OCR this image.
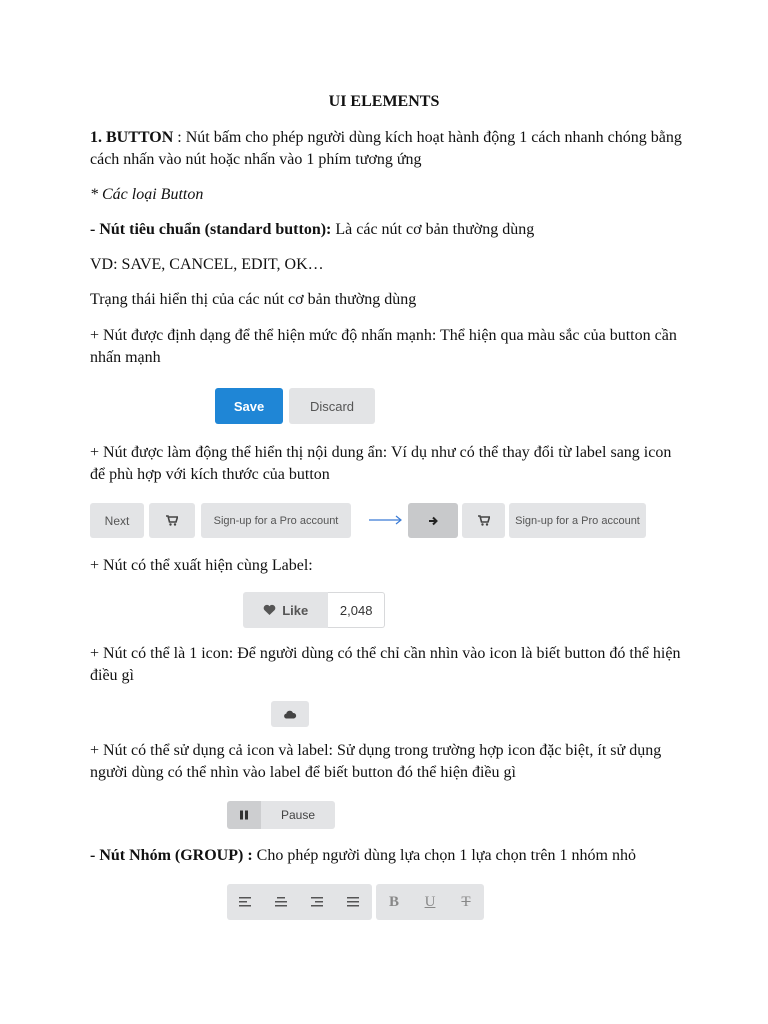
UI ELEMENTS

1. BUTTON : Nút bấm cho phép người dùng kích hoạt hành động 1 cách nhanh chóng bằng cách nhấn vào nút hoặc nhấn vào 1 phím tương ứng

* Các loại Button

- Nút tiêu chuẩn (standard button): Là các nút cơ bản thường dùng

VD: SAVE, CANCEL, EDIT, OK…

Trạng thái hiển thị của các nút cơ bản thường dùng

+ Nút được định dạng để thể hiện mức độ nhấn mạnh: Thể hiện qua màu sắc của button cần nhấn mạnh

Save	Discard

+ Nút được làm động thể hiển thị nội dung ẩn: Ví dụ như có thể thay đổi từ label sang icon để phù hợp với kích thước của button

Next	Sign-up for a Pro account	Sign-up for a Pro account

+ Nút có thể xuất hiện cùng Label:

Like	2,048

+ Nút có thể là 1 icon: Để người dùng có thể chỉ cần nhìn vào icon là biết button đó thể hiện điều gì

+ Nút có thể sử dụng cả icon và label: Sử dụng trong trường hợp icon đặc biệt, ít sử dụng người dùng có thể nhìn vào label để biết button đó thể hiện điều gì

Pause

- Nút Nhóm (GROUP) : Cho phép người dùng lựa chọn 1 lựa chọn trên 1 nhóm nhỏ

B	U	T
